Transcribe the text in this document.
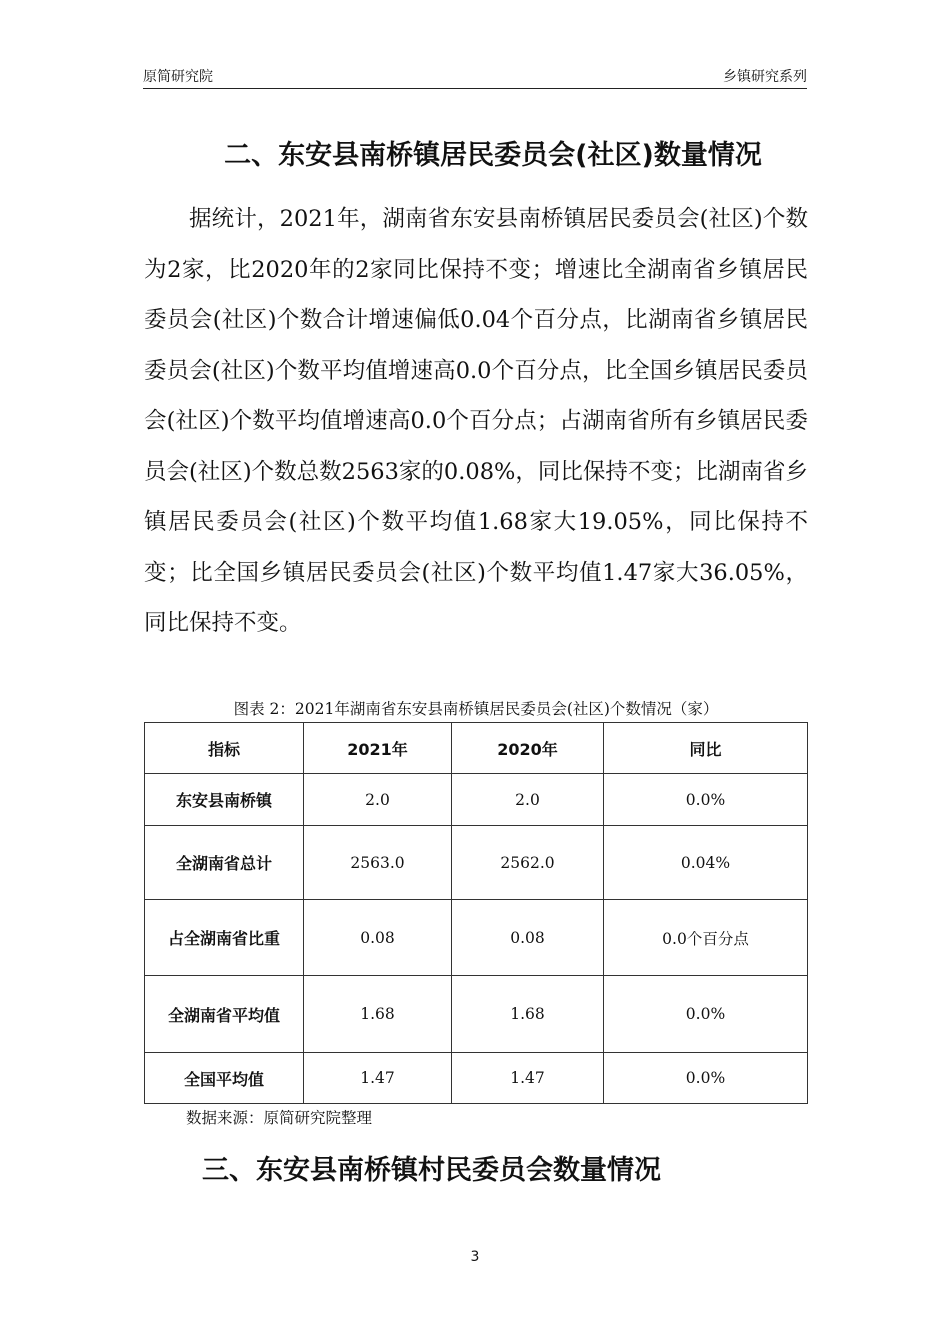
原简研究院	乡镇研究系列
二、东安县南桥镇居民委员会(社区)数量情况

据统计，2021年，湖南省东安县南桥镇居民委员会(社区)个数为2家，比2020年的2家同比保持不变；增速比全湖南省乡镇居民委员会(社区)个数合计增速偏低0.04个百分点，比湖南省乡镇居民委员会(社区)个数平均值增速高0.0个百分点，比全国乡镇居民委员会(社区)个数平均值增速高0.0个百分点；占湖南省所有乡镇居民委员会(社区)个数总数2563家的0.08%，同比保持不变；比湖南省乡镇居民委员会(社区)个数平均值1.68家大19.05%，同比保持不变；比全国乡镇居民委员会(社区)个数平均值1.47家大36.05%，同比保持不变。

图表 2：2021年湖南省东安县南桥镇居民委员会(社区)个数情况（家）
指标	2021年	2020年	同比
东安县南桥镇	2.0	2.0	0.0%
全湖南省总计	2563.0	2562.0	0.04%
占全湖南省比重	0.08	0.08	0.0个百分点
全湖南省平均值	1.68	1.68	0.0%
全国平均值	1.47	1.47	0.0%
数据来源：原简研究院整理
三、东安县南桥镇村民委员会数量情况
3
